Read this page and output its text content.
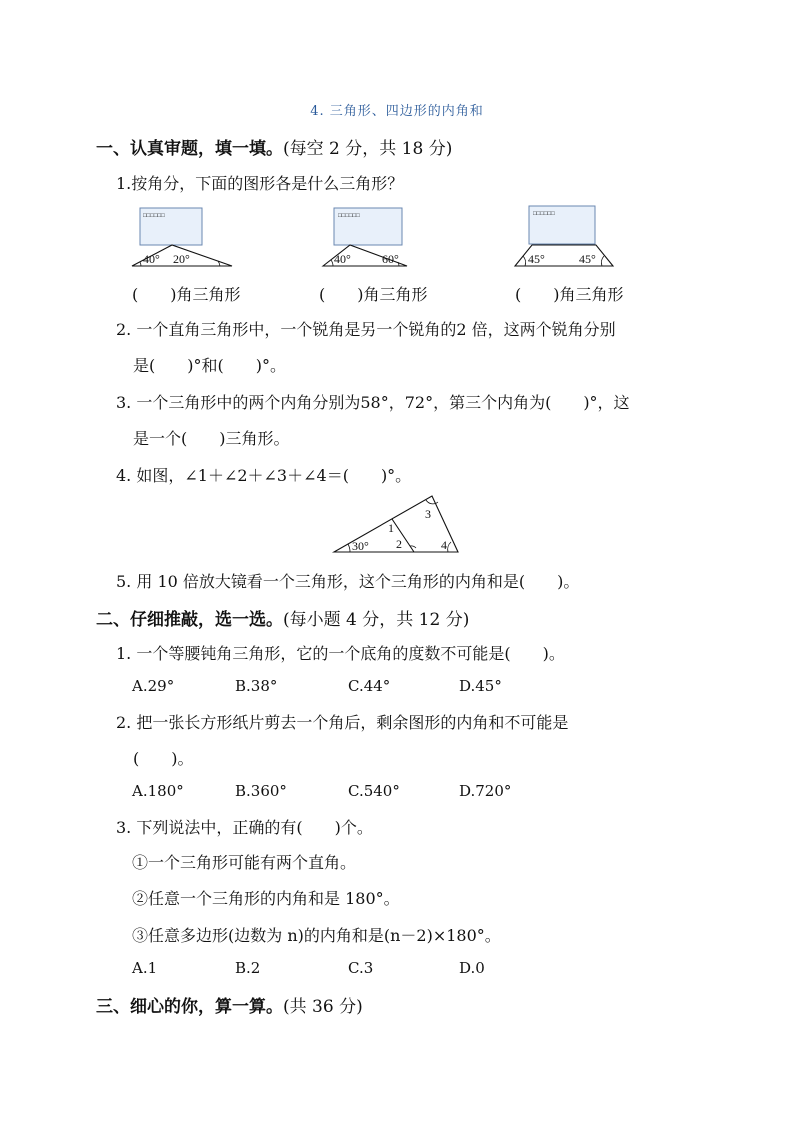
4. 三角形、四边形的内角和
一、认真审题，填一填。(每空 2 分，共 18 分)
1.按角分，下面的图形各是什么三角形？
□□□□□□
40° 20°
□□□□□□
40°	60°
□□□□□□
45°	45°
(　　)角三角形	(　　)角三角形	(　　)角三角形
2. 一个直角三角形中，一个锐角是另一个锐角的2 倍，这两个锐角分别
是(　　)°和(　　)°。
3. 一个三角形中的两个内角分别为58°，72°，第三个内角为(　　)°，这
是一个(　　)三角形。
4. 如图，∠1＋∠2＋∠3＋∠4＝(　　)°。
30°
1
2
3
4
5. 用 10 倍放大镜看一个三角形，这个三角形的内角和是(　　)。
二、仔细推敲，选一选。(每小题 4 分，共 12 分)
1. 一个等腰钝角三角形，它的一个底角的度数不可能是(　　)。
A.29°	B.38°	C.44°	D.45°
2. 把一张长方形纸片剪去一个角后，剩余图形的内角和不可能是
(　　)。
A.180°	B.360°	C.540°	D.720°
3. 下列说法中，正确的有(　　)个。
①一个三角形可能有两个直角。
②任意一个三角形的内角和是 180°。
③任意多边形(边数为 n)的内角和是(n－2)×180°。
A.1	B.2	C.3	D.0
三、细心的你，算一算。(共 36 分)
